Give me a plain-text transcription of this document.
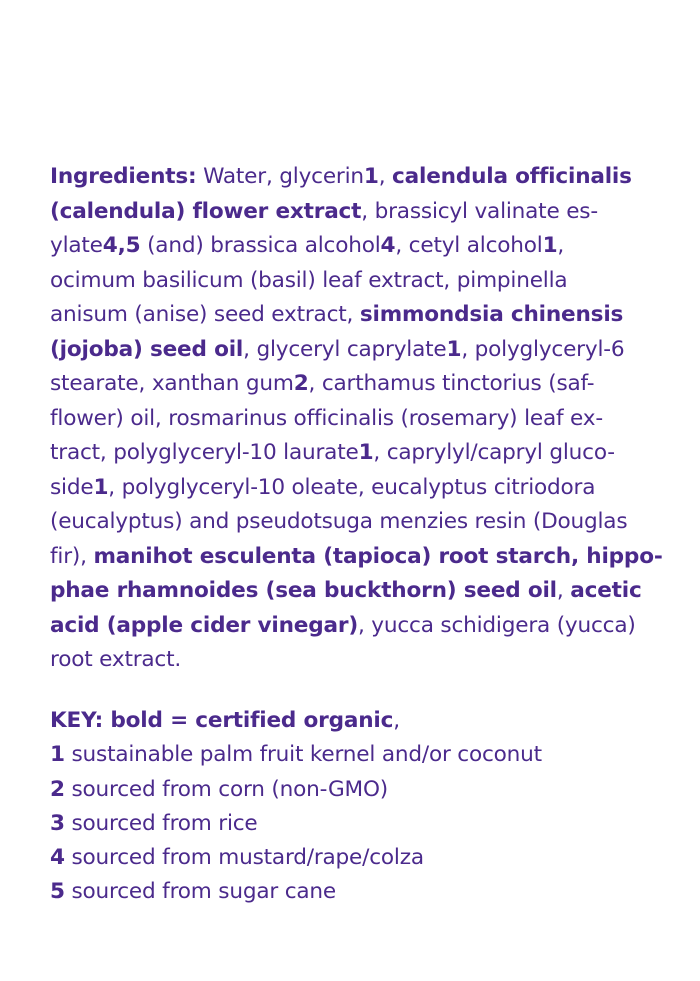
Ingredients: Water, glycerin1, calendula officinalis
(calendula) flower extract, brassicyl valinate es-
ylate4,5 (and) brassica alcohol4, cetyl alcohol1,
ocimum basilicum (basil) leaf extract, pimpinella
anisum (anise) seed extract, simmondsia chinensis
(jojoba) seed oil, glyceryl caprylate1, polyglyceryl-6
stearate, xanthan gum2, carthamus tinctorius (saf-
flower) oil, rosmarinus officinalis (rosemary) leaf ex-
tract, polyglyceryl-10 laurate1, caprylyl/capryl gluco-
side1, polyglyceryl-10 oleate, eucalyptus citriodora
(eucalyptus) and pseudotsuga menzies resin (Douglas
fir), manihot esculenta (tapioca) root starch, hippo-
phae rhamnoides (sea buckthorn) seed oil, acetic
acid (apple cider vinegar), yucca schidigera (yucca)
root extract.
KEY: bold = certified organic,
1 sustainable palm fruit kernel and/or coconut
2 sourced from corn (non-GMO)
3 sourced from rice
4 sourced from mustard/rape/colza
5 sourced from sugar cane
